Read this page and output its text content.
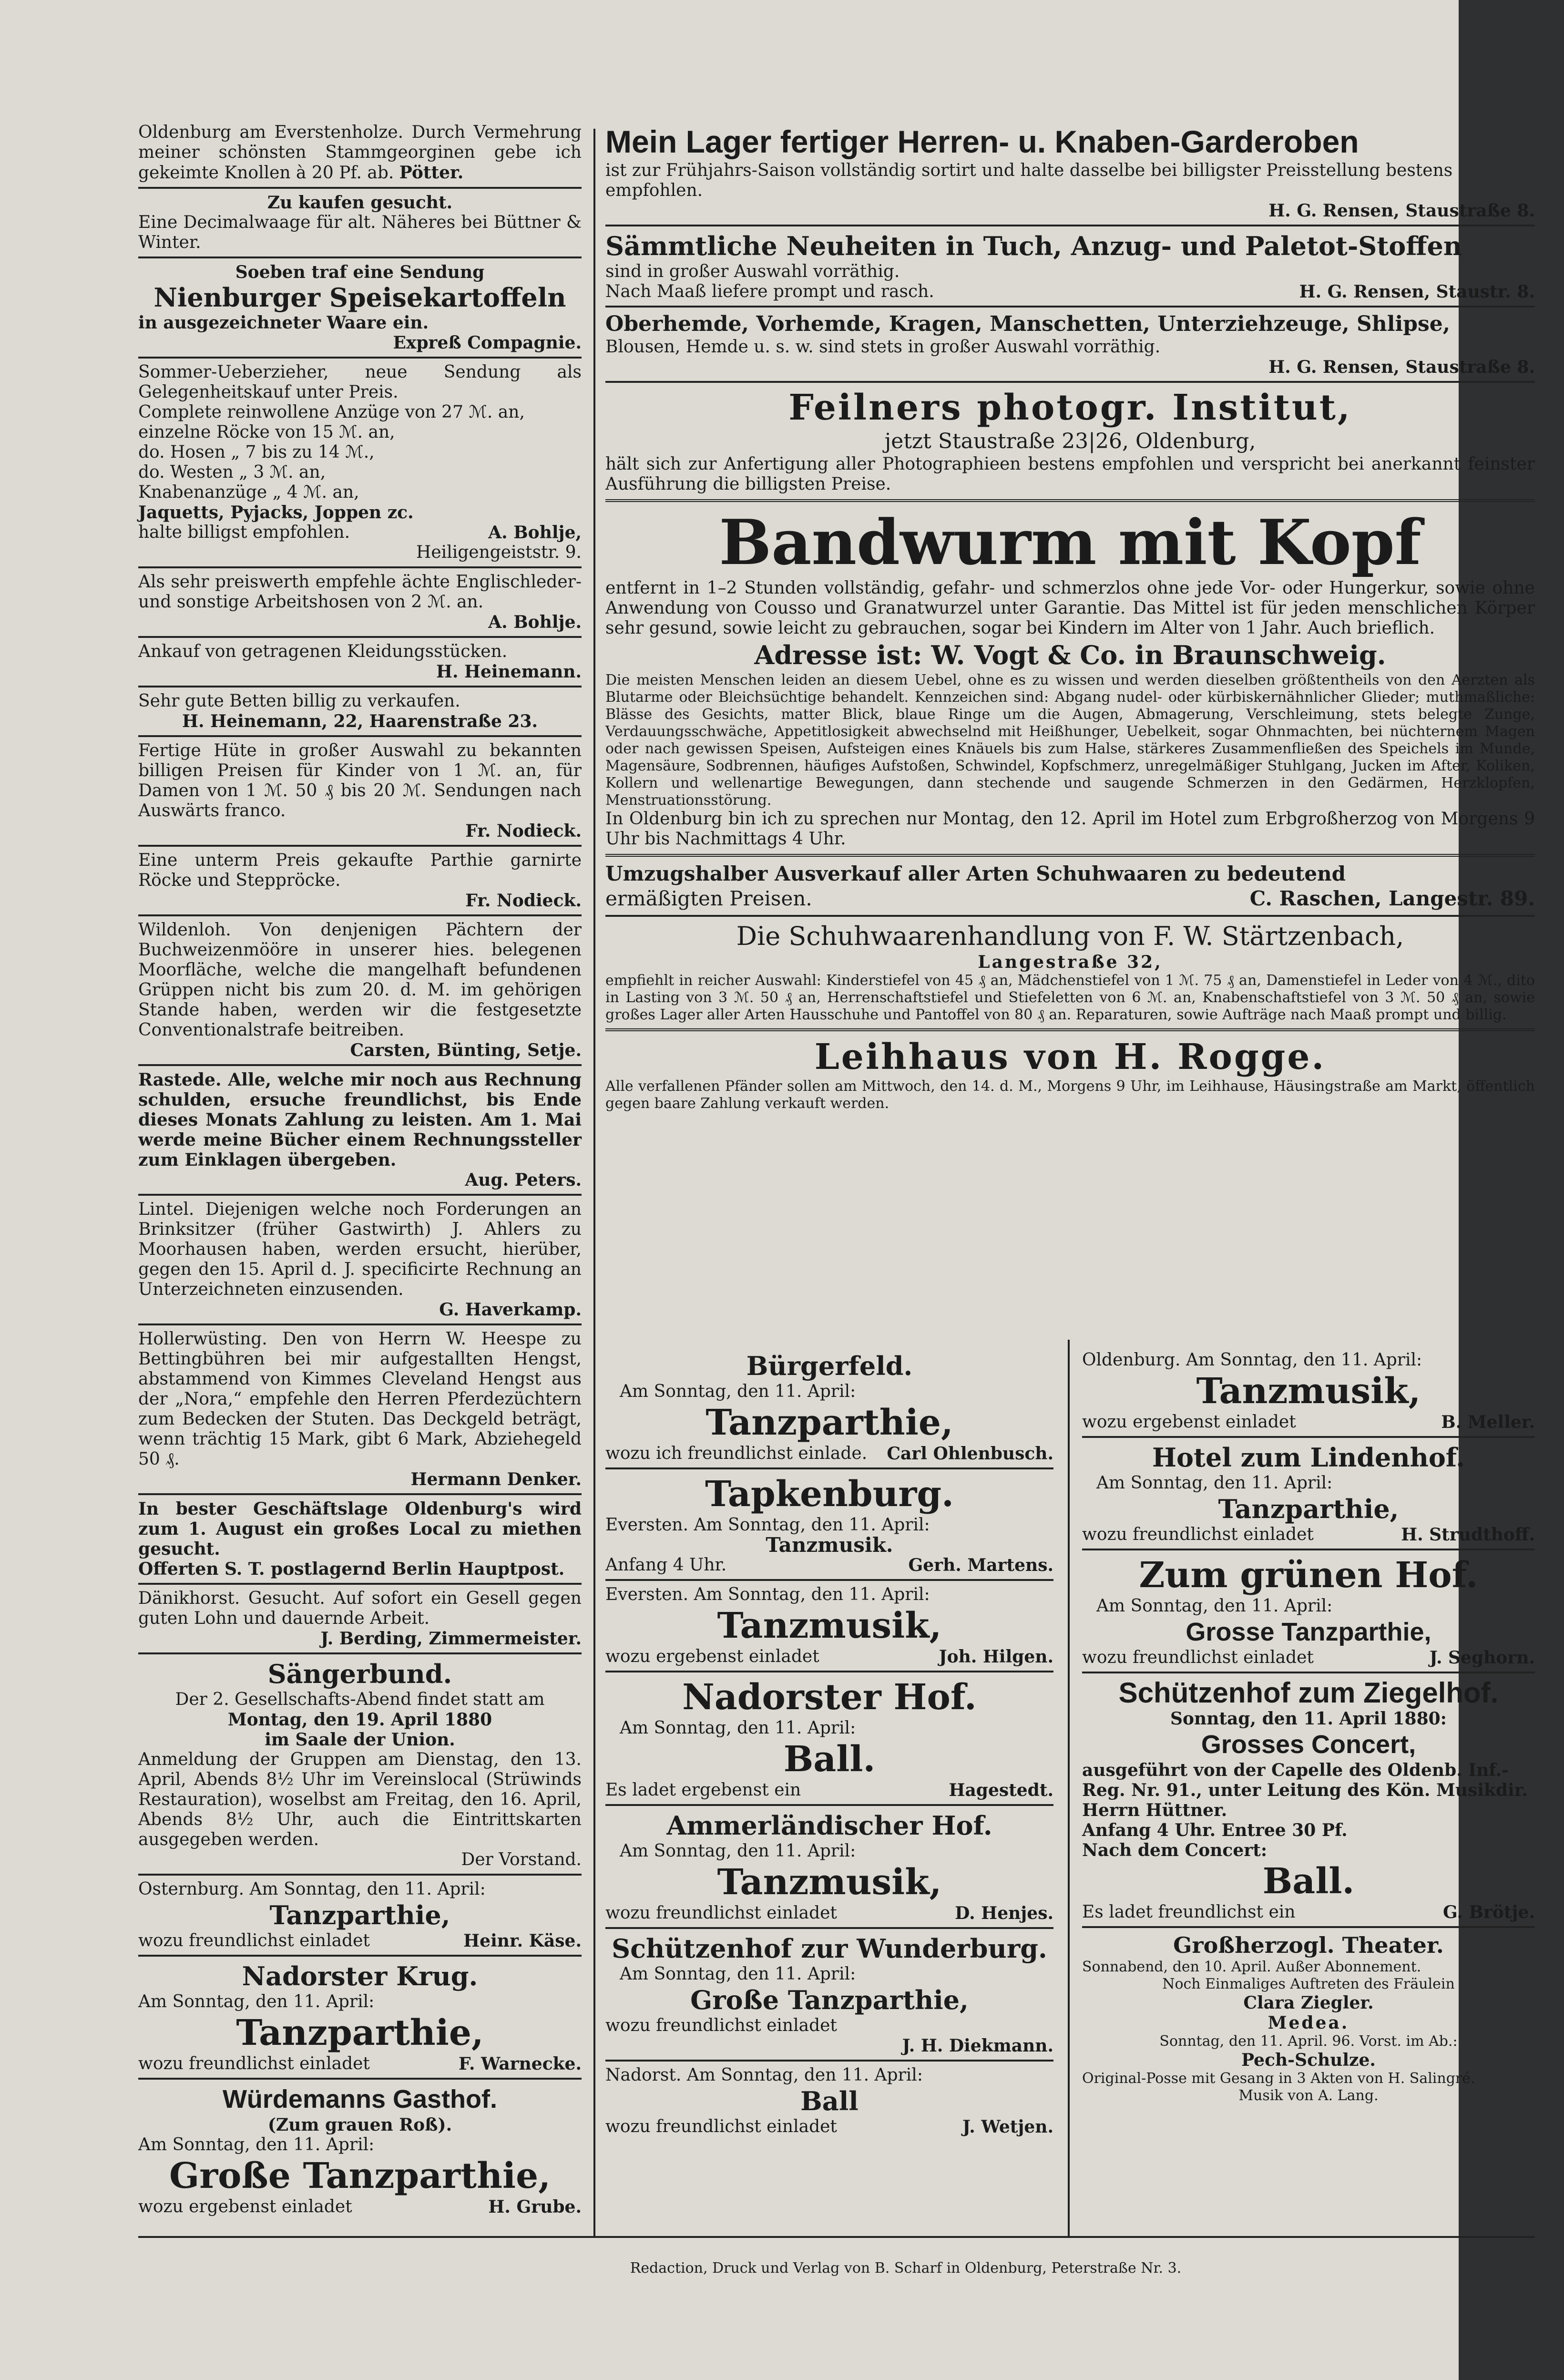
Oldenburg am Everstenholze. Durch Vermehrung meiner schönsten Stammgeorginen gebe ich gekeimte Knollen à 20 Pf. ab. Pötter.
Zu kaufen gesucht.
Eine Decimalwaage für alt. Näheres bei Büttner & Winter.
Soeben traf eine Sendung
Nienburger Speisekartoffeln
in ausgezeichneter Waare ein.
Expreß Compagnie.
Sommer-Ueberzieher, neue Sendung als Gelegenheitskauf unter Preis.
Complete reinwollene Anzüge von 27 ℳ. an,
einzelne Röcke von 15 ℳ. an,
do. Hosen „ 7 bis zu 14 ℳ.,
do. Westen „ 3 ℳ. an,
Knabenanzüge „ 4 ℳ. an,
Jaquetts, Pyjacks, Joppen zc.
halte billigst empfohlen.	A. Bohlje,
Heiligengeiststr. 9.
Als sehr preiswerth empfehle ächte Englischleder- und sonstige Arbeitshosen von 2 ℳ. an.
A. Bohlje.
Ankauf von getragenen Kleidungsstücken.
H. Heinemann.
Sehr gute Betten billig zu verkaufen.
H. Heinemann, 22, Haarenstraße 23.
Fertige Hüte in großer Auswahl zu bekannten billigen Preisen für Kinder von 1 ℳ. an, für Damen von 1 ℳ. 50 ₰ bis 20 ℳ. Sendungen nach Auswärts franco.
Fr. Nodieck.
Eine unterm Preis gekaufte Parthie garnirte Röcke und Steppröcke.
Fr. Nodieck.
Wildenloh. Von denjenigen Pächtern der Buchweizenmööre in unserer hies. belegenen Moorfläche, welche die mangelhaft befundenen Grüppen nicht bis zum 20. d. M. im gehörigen Stande haben, werden wir die festgesetzte Conventionalstrafe beitreiben.
Carsten, Bünting, Setje.
Rastede. Alle, welche mir noch aus Rechnung schulden, ersuche freundlichst, bis Ende dieses Monats Zahlung zu leisten. Am 1. Mai werde meine Bücher einem Rechnungssteller zum Einklagen übergeben.
Aug. Peters.
Lintel. Diejenigen welche noch Forderungen an Brinksitzer (früher Gastwirth) J. Ahlers zu Moorhausen haben, werden ersucht, hierüber, gegen den 15. April d. J. specificirte Rechnung an Unterzeichneten einzusenden.
G. Haverkamp.
Hollerwüsting. Den von Herrn W. Heespe zu Bettingbühren bei mir aufgestallten Hengst, abstammend von Kimmes Cleveland Hengst aus der „Nora,“ empfehle den Herren Pferdezüchtern zum Bedecken der Stuten. Das Deckgeld beträgt, wenn trächtig 15 Mark, gibt 6 Mark, Abziehegeld 50 ₰.
Hermann Denker.
In bester Geschäftslage Oldenburg's wird zum 1. August ein großes Local zu miethen gesucht.
Offerten S. T. postlagernd Berlin Hauptpost.
Dänikhorst. Gesucht. Auf sofort ein Gesell gegen guten Lohn und dauernde Arbeit.
J. Berding, Zimmermeister.
Sängerbund.
Der 2. Gesellschafts-Abend findet statt am
Montag, den 19. April 1880
im Saale der Union.
Anmeldung der Gruppen am Dienstag, den 13. April, Abends 8½ Uhr im Vereinslocal (Strüwinds Restauration), woselbst am Freitag, den 16. April, Abends 8½ Uhr, auch die Eintrittskarten ausgegeben werden.
Der Vorstand.
Osternburg. Am Sonntag, den 11. April:
Tanzparthie,
wozu freundlichst einladet	Heinr. Käse.
Nadorster Krug.
Am Sonntag, den 11. April:
Tanzparthie,
wozu freundlichst einladet	F. Warnecke.
Würdemanns Gasthof.
(Zum grauen Roß).
Am Sonntag, den 11. April:
Große Tanzparthie,
wozu ergebenst einladet	H. Grube.
Mein Lager fertiger Herren- u. Knaben-Garderoben
ist zur Frühjahrs-Saison vollständig sortirt und halte dasselbe bei billigster Preisstellung bestens empfohlen.
H. G. Rensen, Staustraße 8.
Sämmtliche Neuheiten in Tuch, Anzug- und Paletot-Stoffen
sind in großer Auswahl vorräthig.
Nach Maaß liefere prompt und rasch.	H. G. Rensen, Staustr. 8.
Oberhemde, Vorhemde, Kragen, Manschetten, Unterziehzeuge, Shlipse,
Blousen, Hemde u. s. w. sind stets in großer Auswahl vorräthig.
H. G. Rensen, Staustraße 8.
Feilners photogr. Institut,
jetzt Staustraße 23|26, Oldenburg,
hält sich zur Anfertigung aller Photographieen bestens empfohlen und verspricht bei anerkannt feinster Ausführung die billigsten Preise.
Bandwurm mit Kopf
entfernt in 1–2 Stunden vollständig, gefahr- und schmerzlos ohne jede Vor- oder Hungerkur, sowie ohne Anwendung von Cousso und Granatwurzel unter Garantie. Das Mittel ist für jeden menschlichen Körper sehr gesund, sowie leicht zu gebrauchen, sogar bei Kindern im Alter von 1 Jahr. Auch brieflich.
Adresse ist: W. Vogt & Co. in Braunschweig.
Die meisten Menschen leiden an diesem Uebel, ohne es zu wissen und werden dieselben größtentheils von den Aerzten als Blutarme oder Bleichsüchtige behandelt. Kennzeichen sind: Abgang nudel- oder kürbiskernähnlicher Glieder; muthmaßliche: Blässe des Gesichts, matter Blick, blaue Ringe um die Augen, Abmagerung, Verschleimung, stets belegte Zunge, Verdauungsschwäche, Appetitlosigkeit abwechselnd mit Heißhunger, Uebelkeit, sogar Ohnmachten, bei nüchternem Magen oder nach gewissen Speisen, Aufsteigen eines Knäuels bis zum Halse, stärkeres Zusammenfließen des Speichels im Munde, Magensäure, Sodbrennen, häufiges Aufstoßen, Schwindel, Kopfschmerz, unregelmäßiger Stuhlgang, Jucken im After, Koliken, Kollern und wellenartige Bewegungen, dann stechende und saugende Schmerzen in den Gedärmen, Herzklopfen, Menstruationsstörung.
In Oldenburg bin ich zu sprechen nur Montag, den 12. April im Hotel zum Erbgroßherzog von Morgens 9 Uhr bis Nachmittags 4 Uhr.
Umzugshalber Ausverkauf aller Arten Schuhwaaren zu bedeutend
ermäßigten Preisen.	C. Raschen, Langestr. 89.
Die Schuhwaarenhandlung von F. W. Stärtzenbach,
Langestraße 32,
empfiehlt in reicher Auswahl: Kinderstiefel von 45 ₰ an, Mädchenstiefel von 1 ℳ. 75 ₰ an, Damenstiefel in Leder von 4 ℳ., dito in Lasting von 3 ℳ. 50 ₰ an, Herrenschaftstiefel und Stiefeletten von 6 ℳ. an, Knabenschaftstiefel von 3 ℳ. 50 ₰ an, sowie großes Lager aller Arten Hausschuhe und Pantoffel von 80 ₰ an. Reparaturen, sowie Aufträge nach Maaß prompt und billig.
Leihhaus von H. Rogge.
Alle verfallenen Pfänder sollen am Mittwoch, den 14. d. M., Morgens 9 Uhr, im Leihhause, Häusingstraße am Markt, öffentlich gegen baare Zahlung verkauft werden.
Bürgerfeld.
Am Sonntag, den 11. April:
Tanzparthie,
wozu ich freundlichst einlade. Carl Ohlenbusch.
Tapkenburg.
Eversten. Am Sonntag, den 11. April:
Tanzmusik.
Anfang 4 Uhr.	Gerh. Martens.
Eversten. Am Sonntag, den 11. April:
Tanzmusik,
wozu ergebenst einladet	Joh. Hilgen.
Nadorster Hof.
Am Sonntag, den 11. April:
Ball.
Es ladet ergebenst ein	Hagestedt.
Ammerländischer Hof.
Am Sonntag, den 11. April:
Tanzmusik,
wozu freundlichst einladet	D. Henjes.
Schützenhof zur Wunderburg.
Am Sonntag, den 11. April:
Große Tanzparthie,
wozu freundlichst einladet
J. H. Diekmann.
Nadorst. Am Sonntag, den 11. April:
Ball
wozu freundlichst einladet	J. Wetjen.
Oldenburg. Am Sonntag, den 11. April:
Tanzmusik,
wozu ergebenst einladet	B. Meller.
Hotel zum Lindenhof.
Am Sonntag, den 11. April:
Tanzparthie,
wozu freundlichst einladet	H. Strudthoff.
Zum grünen Hof.
Am Sonntag, den 11. April:
Grosse Tanzparthie,
wozu freundlichst einladet	J. Seghorn.
Schützenhof zum Ziegelhof.
Sonntag, den 11. April 1880:
Grosses Concert,
ausgeführt von der Capelle des Oldenb. Inf.-Reg. Nr. 91., unter Leitung des Kön. Musikdir. Herrn Hüttner.
Anfang 4 Uhr. Entree 30 Pf.
Nach dem Concert:
Ball.
Es ladet freundlichst ein	G. Brötje.
Großherzogl. Theater.
Sonnabend, den 10. April. Außer Abonnement.
Noch Einmaliges Auftreten des Fräulein
Clara Ziegler.
Medea.
Sonntag, den 11. April. 96. Vorst. im Ab.:
Pech-Schulze.
Original-Posse mit Gesang in 3 Akten von H. Salingré.
Musik von A. Lang.
Redaction, Druck und Verlag von B. Scharf in Oldenburg, Peterstraße Nr. 3.
